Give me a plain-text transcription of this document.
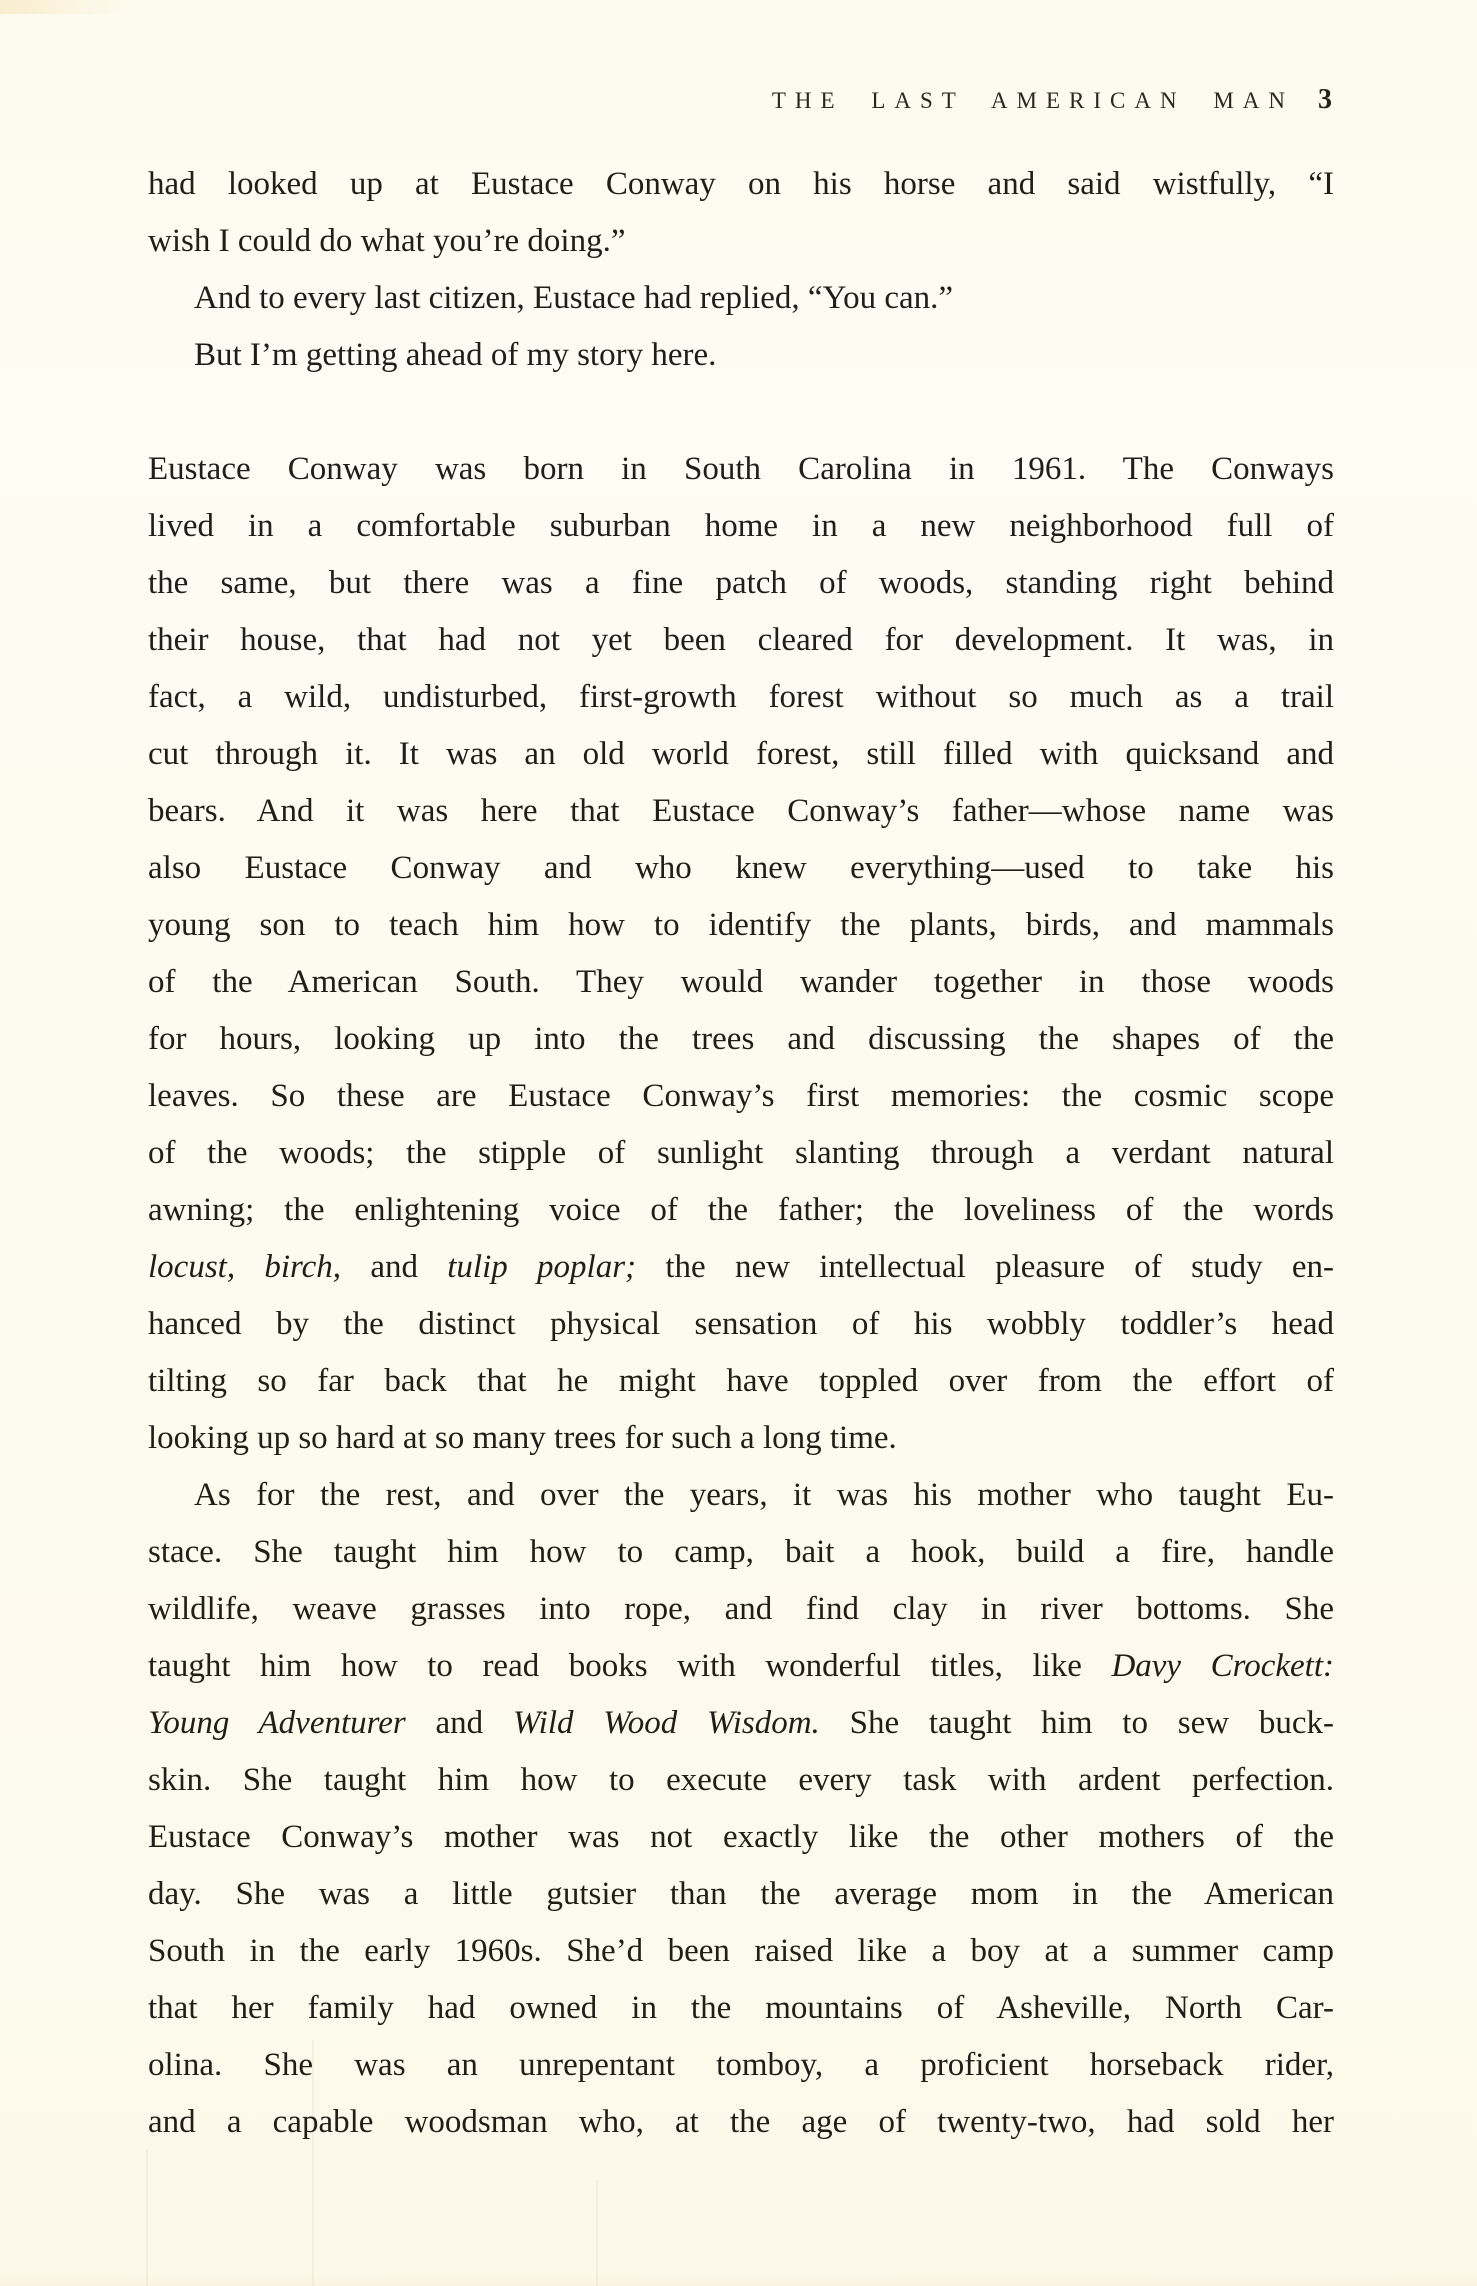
THE LAST AMERICAN MAN 3
had looked up at Eustace Conway on his horse and said wistfully, “I
wish I could do what you’re doing.”
And to every last citizen, Eustace had replied, “You can.”
But I’m getting ahead of my story here.
Eustace Conway was born in South Carolina in 1961. The Conways
lived in a comfortable suburban home in a new neighborhood full of
the same, but there was a fine patch of woods, standing right behind
their house, that had not yet been cleared for development. It was, in
fact, a wild, undisturbed, first-growth forest without so much as a trail
cut through it. It was an old world forest, still filled with quicksand and
bears. And it was here that Eustace Conway’s father—whose name was
also Eustace Conway and who knew everything—used to take his
young son to teach him how to identify the plants, birds, and mammals
of the American South. They would wander together in those woods
for hours, looking up into the trees and discussing the shapes of the
leaves. So these are Eustace Conway’s first memories: the cosmic scope
of the woods; the stipple of sunlight slanting through a verdant natural
awning; the enlightening voice of the father; the loveliness of the words
locust, birch, and tulip poplar; the new intellectual pleasure of study en-
hanced by the distinct physical sensation of his wobbly toddler’s head
tilting so far back that he might have toppled over from the effort of
looking up so hard at so many trees for such a long time.
As for the rest, and over the years, it was his mother who taught Eu-
stace. She taught him how to camp, bait a hook, build a fire, handle
wildlife, weave grasses into rope, and find clay in river bottoms. She
taught him how to read books with wonderful titles, like Davy Crockett:
Young Adventurer and Wild Wood Wisdom. She taught him to sew buck-
skin. She taught him how to execute every task with ardent perfection.
Eustace Conway’s mother was not exactly like the other mothers of the
day. She was a little gutsier than the average mom in the American
South in the early 1960s. She’d been raised like a boy at a summer camp
that her family had owned in the mountains of Asheville, North Car-
olina. She was an unrepentant tomboy, a proficient horseback rider,
and a capable woodsman who, at the age of twenty-two, had sold her
